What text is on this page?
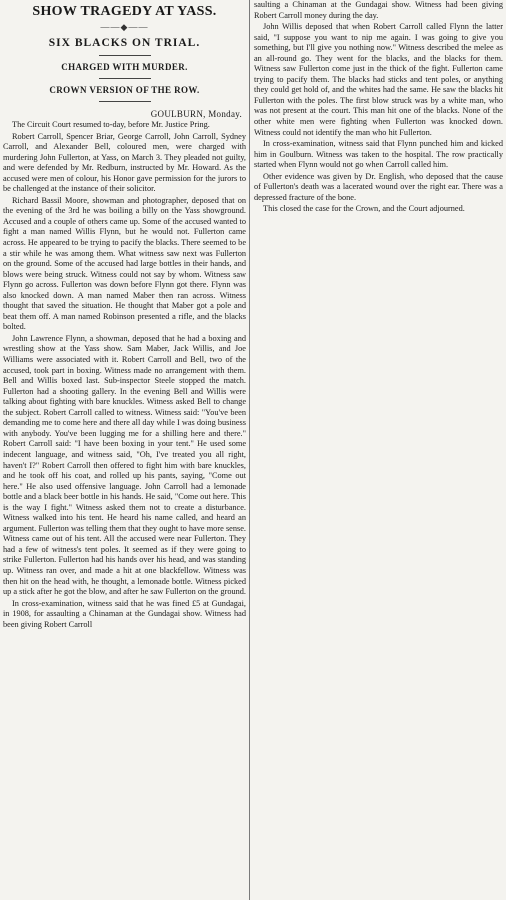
SHOW TRAGEDY AT YASS.
——◆——
SIX BLACKS ON TRIAL.
CHARGED WITH MURDER.
CROWN VERSION OF THE ROW.
GOULBURN, Monday.

The Circuit Court resumed to-day, before Mr. Justice Pring.

Robert Carroll, Spencer Briar, George Carroll, John Carroll, Sydney Carroll, and Alexander Bell, coloured men, were charged with murdering John Fullerton, at Yass, on March 3. They pleaded not guilty, and were defended by Mr. Redburn, instructed by Mr. Howard. As the accused were men of colour, his Honor gave permission for the jurors to be challenged at the instance of their solicitor.

Richard Bassil Moore, showman and photographer, deposed that on the evening of the 3rd he was boiling a billy on the Yass showground. Accused and a couple of others came up. Some of the accused wanted to fight a man named Willis Flynn, but he would not. Fullerton came across. He appeared to be trying to pacify the blacks. There seemed to be a stir while he was among them. What witness saw next was Fullerton on the ground. Some of the accused had large bottles in their hands, and blows were being struck. Witness could not say by whom. Witness saw Flynn go across. Fullerton was down before Flynn got there. Flynn was also knocked down. A man named Maber then ran across. Witness thought that saved the situation. He thought that Maber got a pole and beat them off. A man named Robinson presented a rifle, and the blacks bolted.

John Lawrence Flynn, a showman, deposed that he had a boxing and wrestling show at the Yass show. Sam Maber, Jack Willis, and Joe Williams were associated with it. Robert Carroll and Bell, two of the accused, took part in boxing. Witness made no arrangement with them. Bell and Willis boxed last. Sub-inspector Steele stopped the match. Fullerton had a shooting gallery. In the evening Bell and Willis were talking about fighting with bare knuckles. Witness asked Bell to change the subject. Robert Carroll called to witness. Witness said: "You've been demanding me to come here and there all day while I was doing business with anybody. You've been lugging me for a shilling here and there." Robert Carroll said: "I have been boxing in your tent." He used some indecent language, and witness said, "Oh, I've treated you all right, haven't I?" Robert Carroll then offered to fight him with bare knuckles, and he took off his coat, and rolled up his pants, saying, "Come out here." He also used offensive language. John Carroll had a lemonade bottle and a black beer bottle in his hands. He said, "Come out here. This is the way I fight." Witness asked them not to create a disturbance. Witness walked into his tent. He heard his name called, and heard an argument. Fullerton was telling them that they ought to have more sense. Witness came out of his tent. All the accused were near Fullerton. They had a few of witness's tent poles. It seemed as if they were going to strike Fullerton. Fullerton had his hands over his head, and was standing up. Witness ran over, and made a hit at one blackfellow. Witness was then hit on the head with, he thought, a lemonade bottle. Witness picked up a stick after he got the blow, and after he saw Fullerton on the ground.

In cross-examination, witness said that he was fined £5 at Gundagai, in 1908, for assaulting a Chinaman at the Gundagai show. Witness had been giving Robert Carroll

saulting a Chinaman at the Gundagai show. Witness had been giving Robert Carroll money during the day.

John Willis deposed that when Robert Carroll called Flynn the latter said, "I suppose you want to nip me again. I was going to give you something, but I'll give you nothing now." Witness described the melee as an all-round go. They went for the blacks, and the blacks for them. Witness saw Fullerton come just in the thick of the fight. Fullerton came trying to pacify them. The blacks had sticks and tent poles, or anything they could get hold of, and the whites had the same. He saw the blacks hit Fullerton with the poles. The first blow struck was by a white man, who was not present at the court. This man hit one of the blacks. None of the other white men were fighting when Fullerton was knocked down. Witness could not identify the man who hit Fullerton.

In cross-examination, witness said that Flynn punched him and kicked him in Goulburn. Witness was taken to the hospital. The row practically started when Flynn would not go when Carroll called him.

Other evidence was given by Dr. English, who deposed that the cause of Fullerton's death was a lacerated wound over the right ear. There was a depressed fracture of the bone.

This closed the case for the Crown, and the Court adjourned.
